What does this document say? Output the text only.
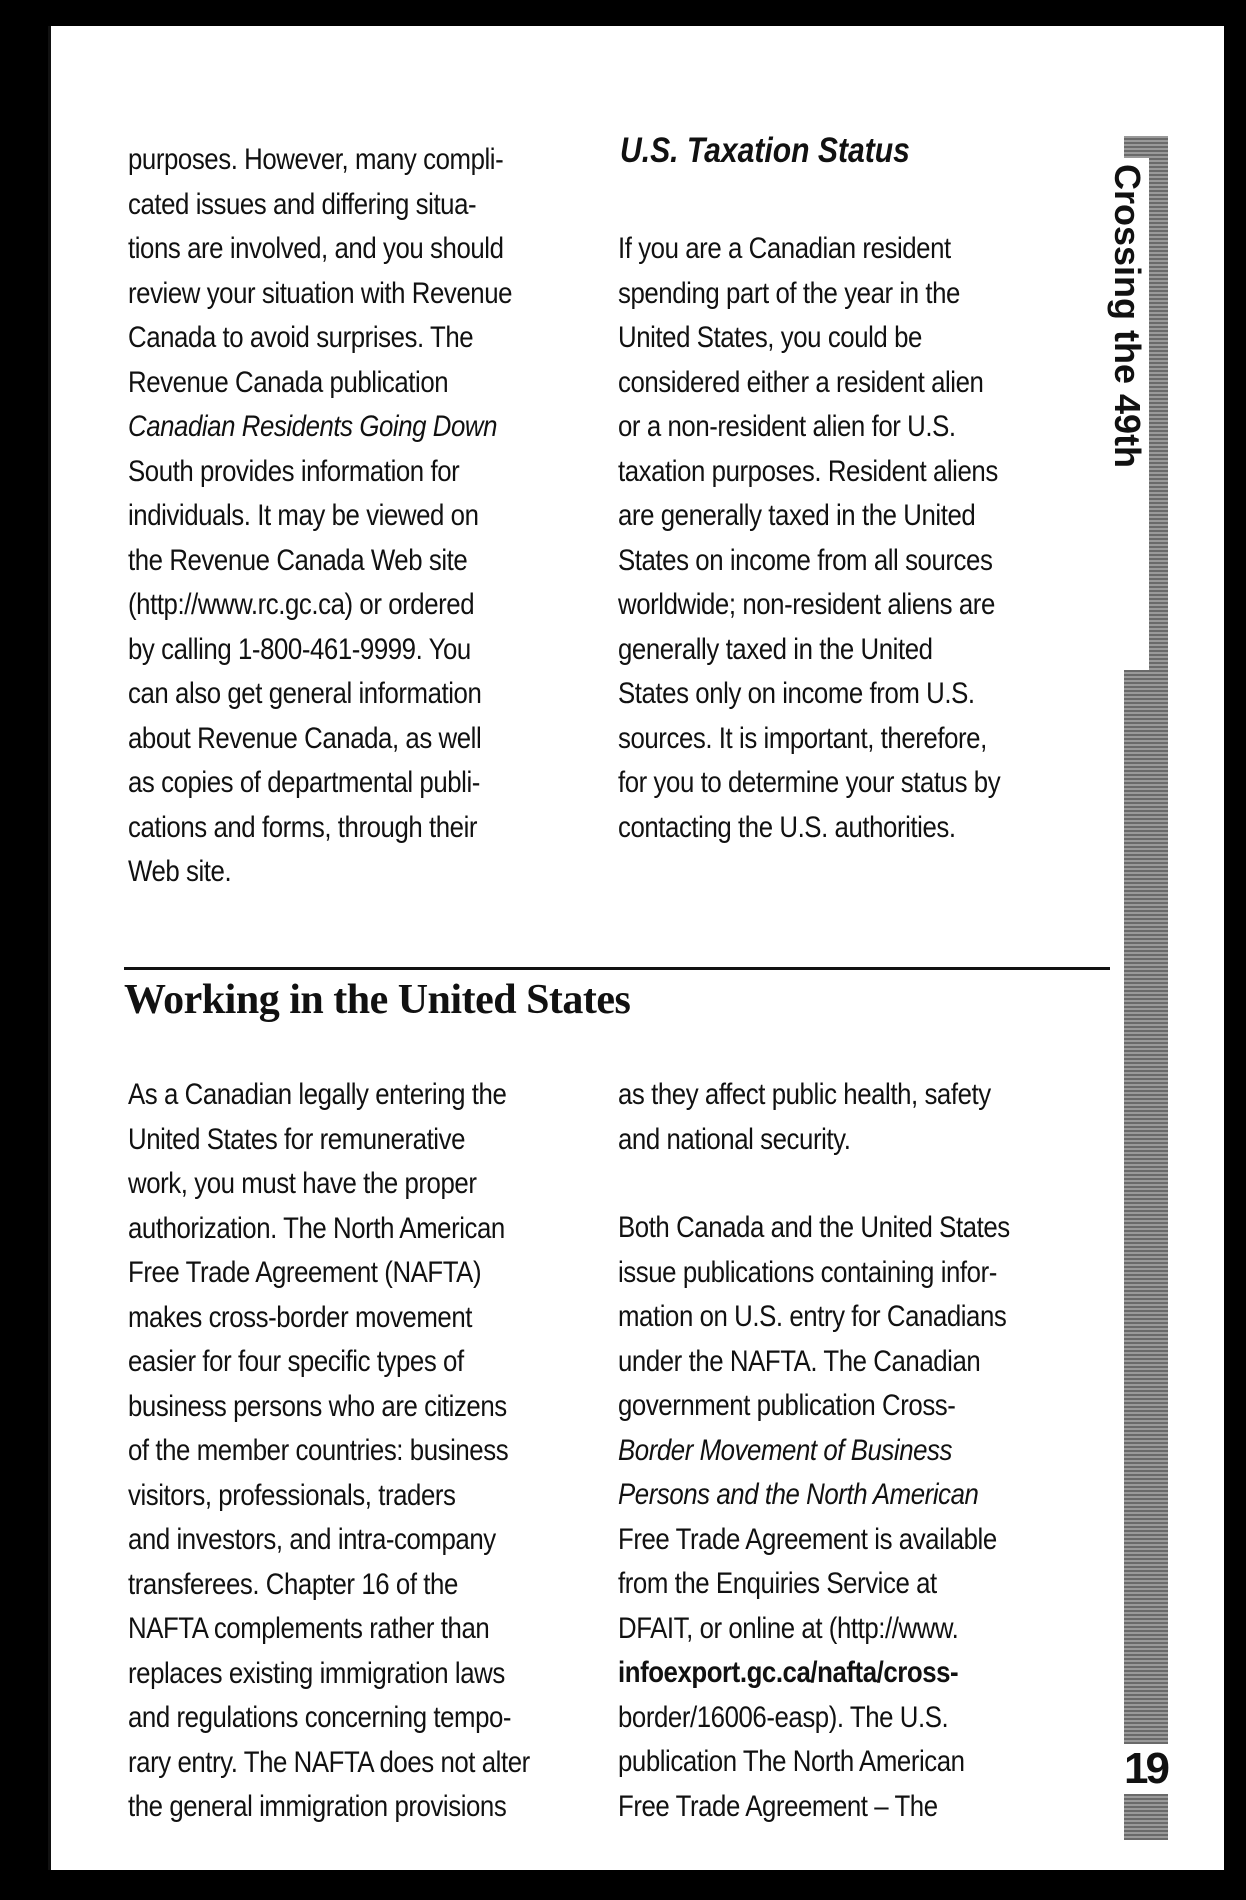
purposes. However, many compli-

cated issues and differing situa-

tions are involved, and you should

review your situation with Revenue

Canada to avoid surprises. The

Revenue Canada publication

Canadian Residents Going Down

South provides information for

individuals. It may be viewed on

the Revenue Canada Web site

(http://www.rc.gc.ca) or ordered

by calling 1-800-461-9999. You

can also get general information

about Revenue Canada, as well

as copies of departmental publi-

cations and forms, through their

Web site.

U.S. Taxation Status

If you are a Canadian resident

spending part of the year in the

United States, you could be

considered either a resident alien

or a non-resident alien for U.S.

taxation purposes. Resident aliens

are generally taxed in the United

States on income from all sources

worldwide; non-resident aliens are

generally taxed in the United

States only on income from U.S.

sources. It is important, therefore,

for you to determine your status by

contacting the U.S. authorities.

Working in the United States

As a Canadian legally entering the

United States for remunerative

work, you must have the proper

authorization. The North American

Free Trade Agreement (NAFTA)

makes cross-border movement

easier for four specific types of

business persons who are citizens

of the member countries: business

visitors, professionals, traders

and investors, and intra-company

transferees. Chapter 16 of the

NAFTA complements rather than

replaces existing immigration laws

and regulations concerning tempo-

rary entry. The NAFTA does not alter

the general immigration provisions

as they affect public health, safety

and national security.

Both Canada and the United States

issue publications containing infor-

mation on U.S. entry for Canadians

under the NAFTA. The Canadian

government publication Cross-

Border Movement of Business

Persons and the North American

Free Trade Agreement is available

from the Enquiries Service at

DFAIT, or online at (http://www.

infoexport.gc.ca/nafta/cross-

border/16006-easp). The U.S.

publication The North American

Free Trade Agreement – The

Crossing the 49th
19
